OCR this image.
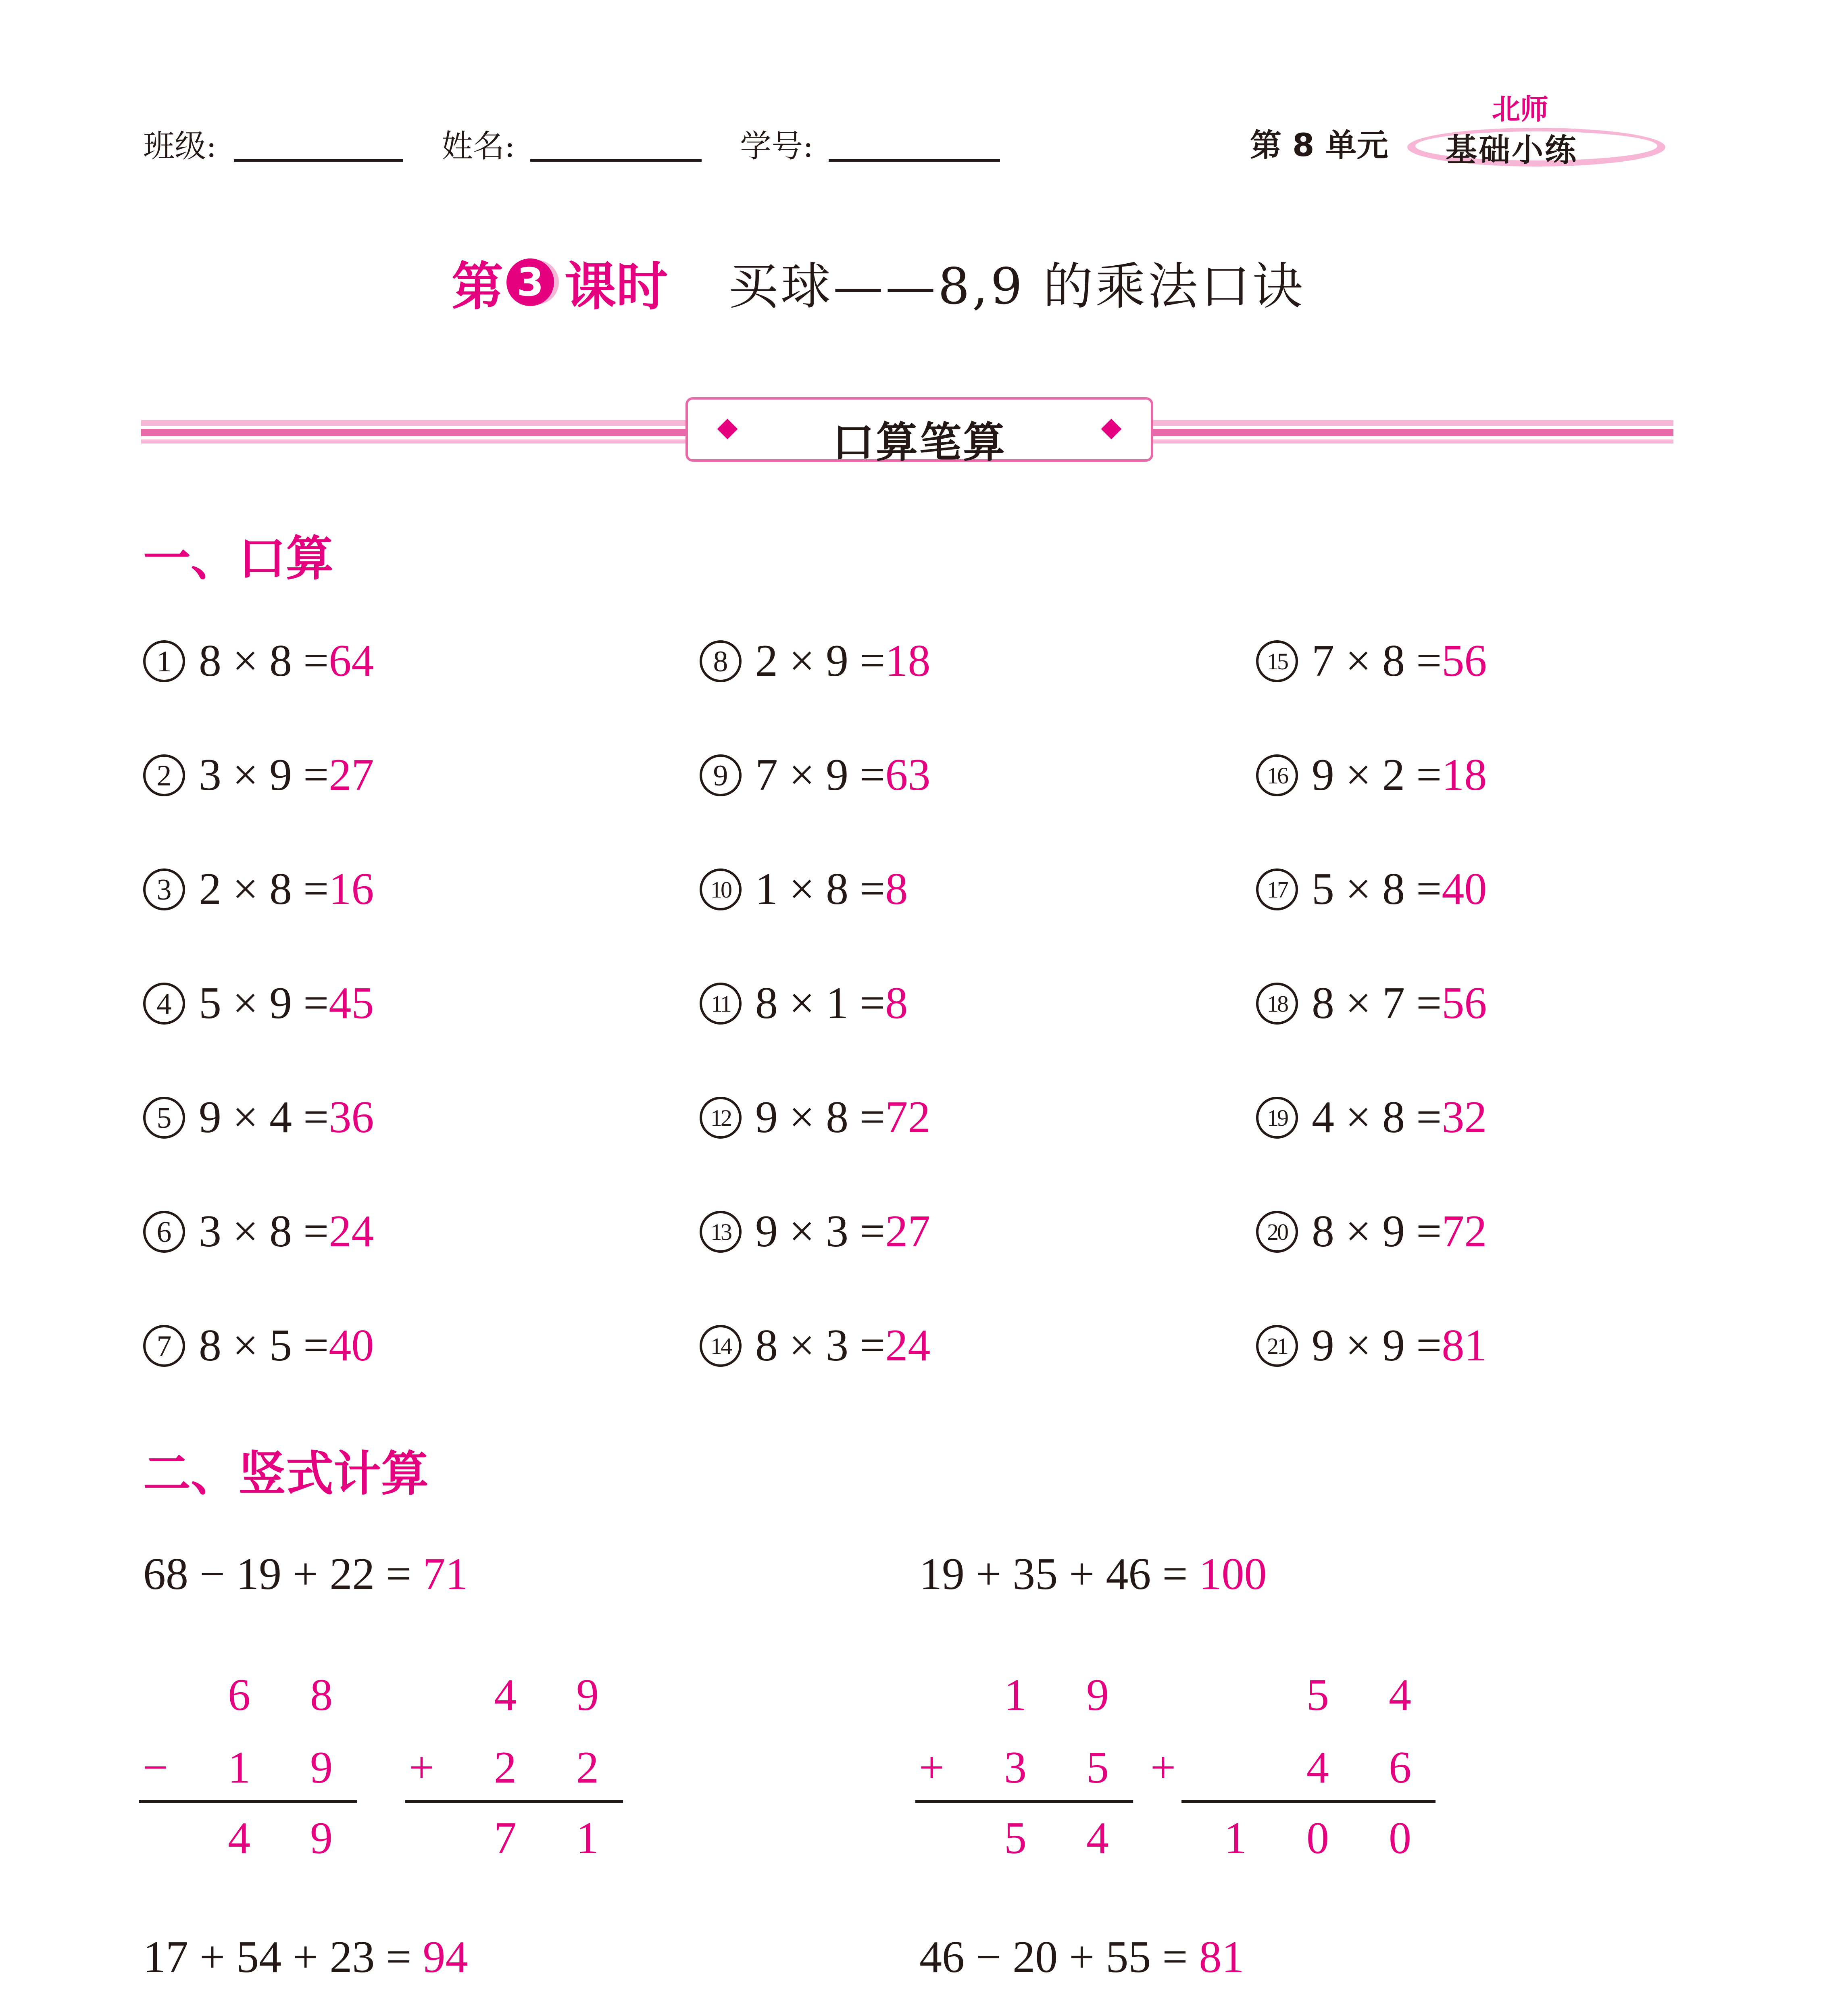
班级:	姓名:	学号:	第 8 单元
北师
基础小练
第 3 课时 买球——8,9 的乘法口诀
口算笔算
一、口算
1 8 × 8 =64
2 3 × 9 =27
3 2 × 8 =16
4 5 × 9 =45
5 9 × 4 =36
6 3 × 8 =24
7 8 × 5 =40
8 2 × 9 =18
9 7 × 9 =63
10 1 × 8 =8
11 8 × 1 =8
12 9 × 8 =72
13 9 × 3 =27
14 8 × 3 =24
15 7 × 8 =56
16 9 × 2 =18
17 5 × 8 =40
18 8 × 7 =56
19 4 × 8 =32
20 8 × 9 =72
21 9 × 9 =81
二、竖式计算
68 − 19 + 22 = 71
6 8
− 1 9
4 9
4 9
+ 2 2
7 1
19 + 35 + 46 = 100
1 9
+ 3 5
5 4
5 4
+   4 6
1 0 0
17 + 54 + 23 = 94	46 − 20 + 55 = 81
